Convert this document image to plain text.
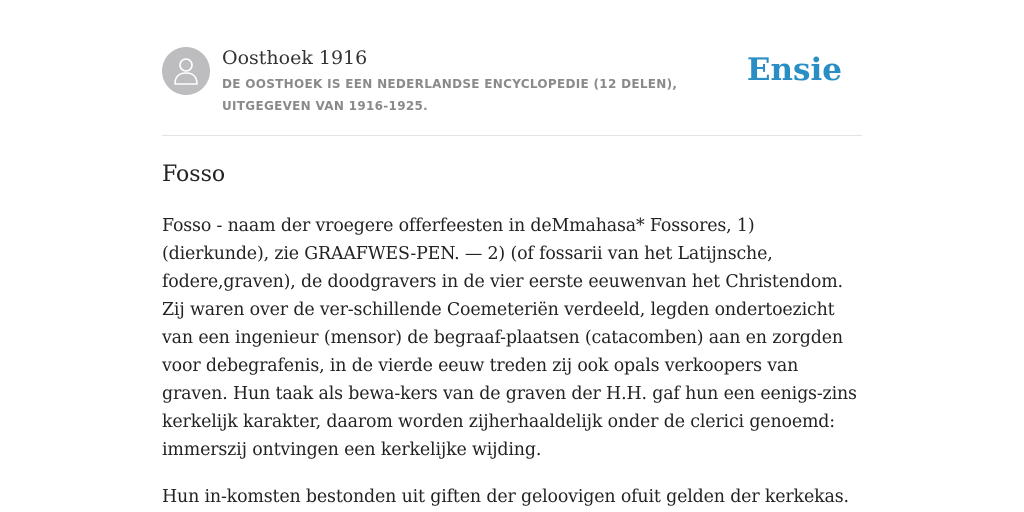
Oosthoek 1916
DE OOSTHOEK IS EEN NEDERLANDSE ENCYCLOPEDIE (12 DELEN), UITGEGEVEN VAN 1916-1925.
Ensie
Fosso

Fosso - naam der vroegere offerfeesten in deMmahasa* Fossores, 1) (dierkunde), zie GRAAFWES-PEN. — 2) (of fossarii van het Latijnsche, fodere,graven), de doodgravers in de vier eerste eeuwenvan het Christendom. Zij waren over de ver-schillende Coemeteriën verdeeld, legden ondertoezicht van een ingenieur (mensor) de begraaf-plaatsen (catacomben) aan en zorgden voor debegrafenis, in de vierde eeuw treden zij ook opals verkoopers van graven. Hun taak als bewa-kers van de graven der H.H. gaf hun een eenigs-zins kerkelijk karakter, daarom worden zijherhaaldelijk onder de clerici genoemd: immerszij ontvingen een kerkelijke wijding.

Hun in-komsten bestonden uit giften der geloovigen ofuit gelden der kerkekas.
